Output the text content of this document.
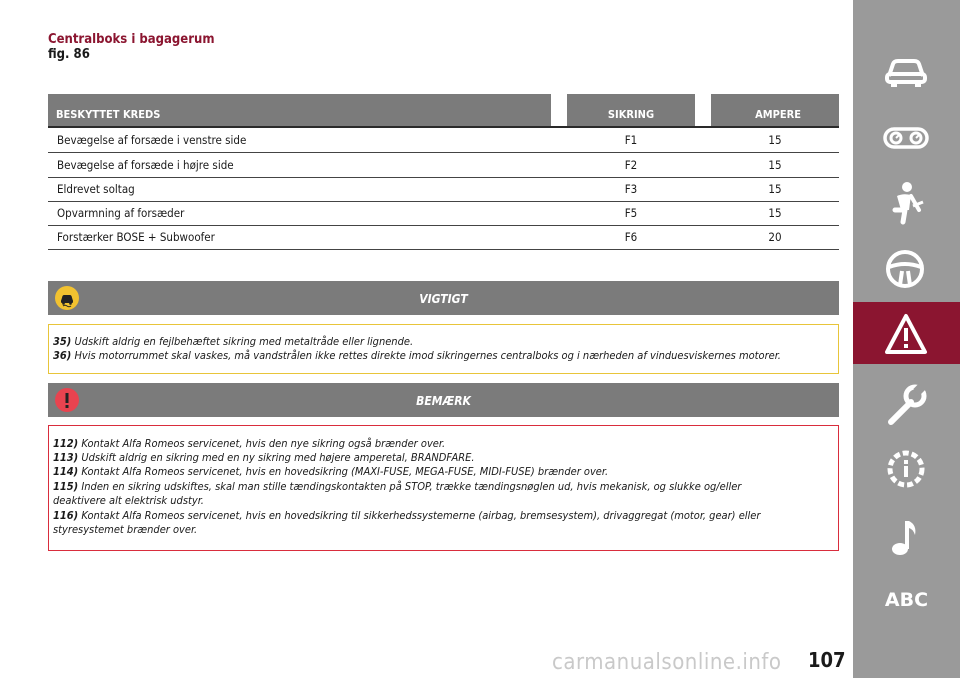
Centralboks i bagagerum
fig. 86
BESKYTTET KREDS	SIKRING	AMPERE
Bevægelse af forsæde i venstre side	F1	15
Bevægelse af forsæde i højre side	F2	15
Eldrevet soltag	F3	15
Opvarmning af forsæder	F5	15
Forstærker BOSE + Subwoofer	F6	20
VIGTIGT
35) Udskift aldrig en fejlbehæftet sikring med metaltråde eller lignende.
36) Hvis motorrummet skal vaskes, må vandstrålen ikke rettes direkte imod sikringernes centralboks og i nærheden af vinduesviskernes motorer.
BEMÆRK
112) Kontakt Alfa Romeos servicenet, hvis den nye sikring også brænder over.
113) Udskift aldrig en sikring med en ny sikring med højere amperetal, BRANDFARE.
114) Kontakt Alfa Romeos servicenet, hvis en hovedsikring (MAXI-FUSE, MEGA-FUSE, MIDI-FUSE) brænder over.
115) Inden en sikring udskiftes, skal man stille tændingskontakten på STOP, trække tændingsnøglen ud, hvis mekanisk, og slukke og/eller
deaktivere alt elektrisk udstyr.
116) Kontakt Alfa Romeos servicenet, hvis en hovedsikring til sikkerhedssystemerne (airbag, bremsesystem), drivaggregat (motor, gear) eller
styresystemet brænder over.
ABC
carmanualsonline.info 107
